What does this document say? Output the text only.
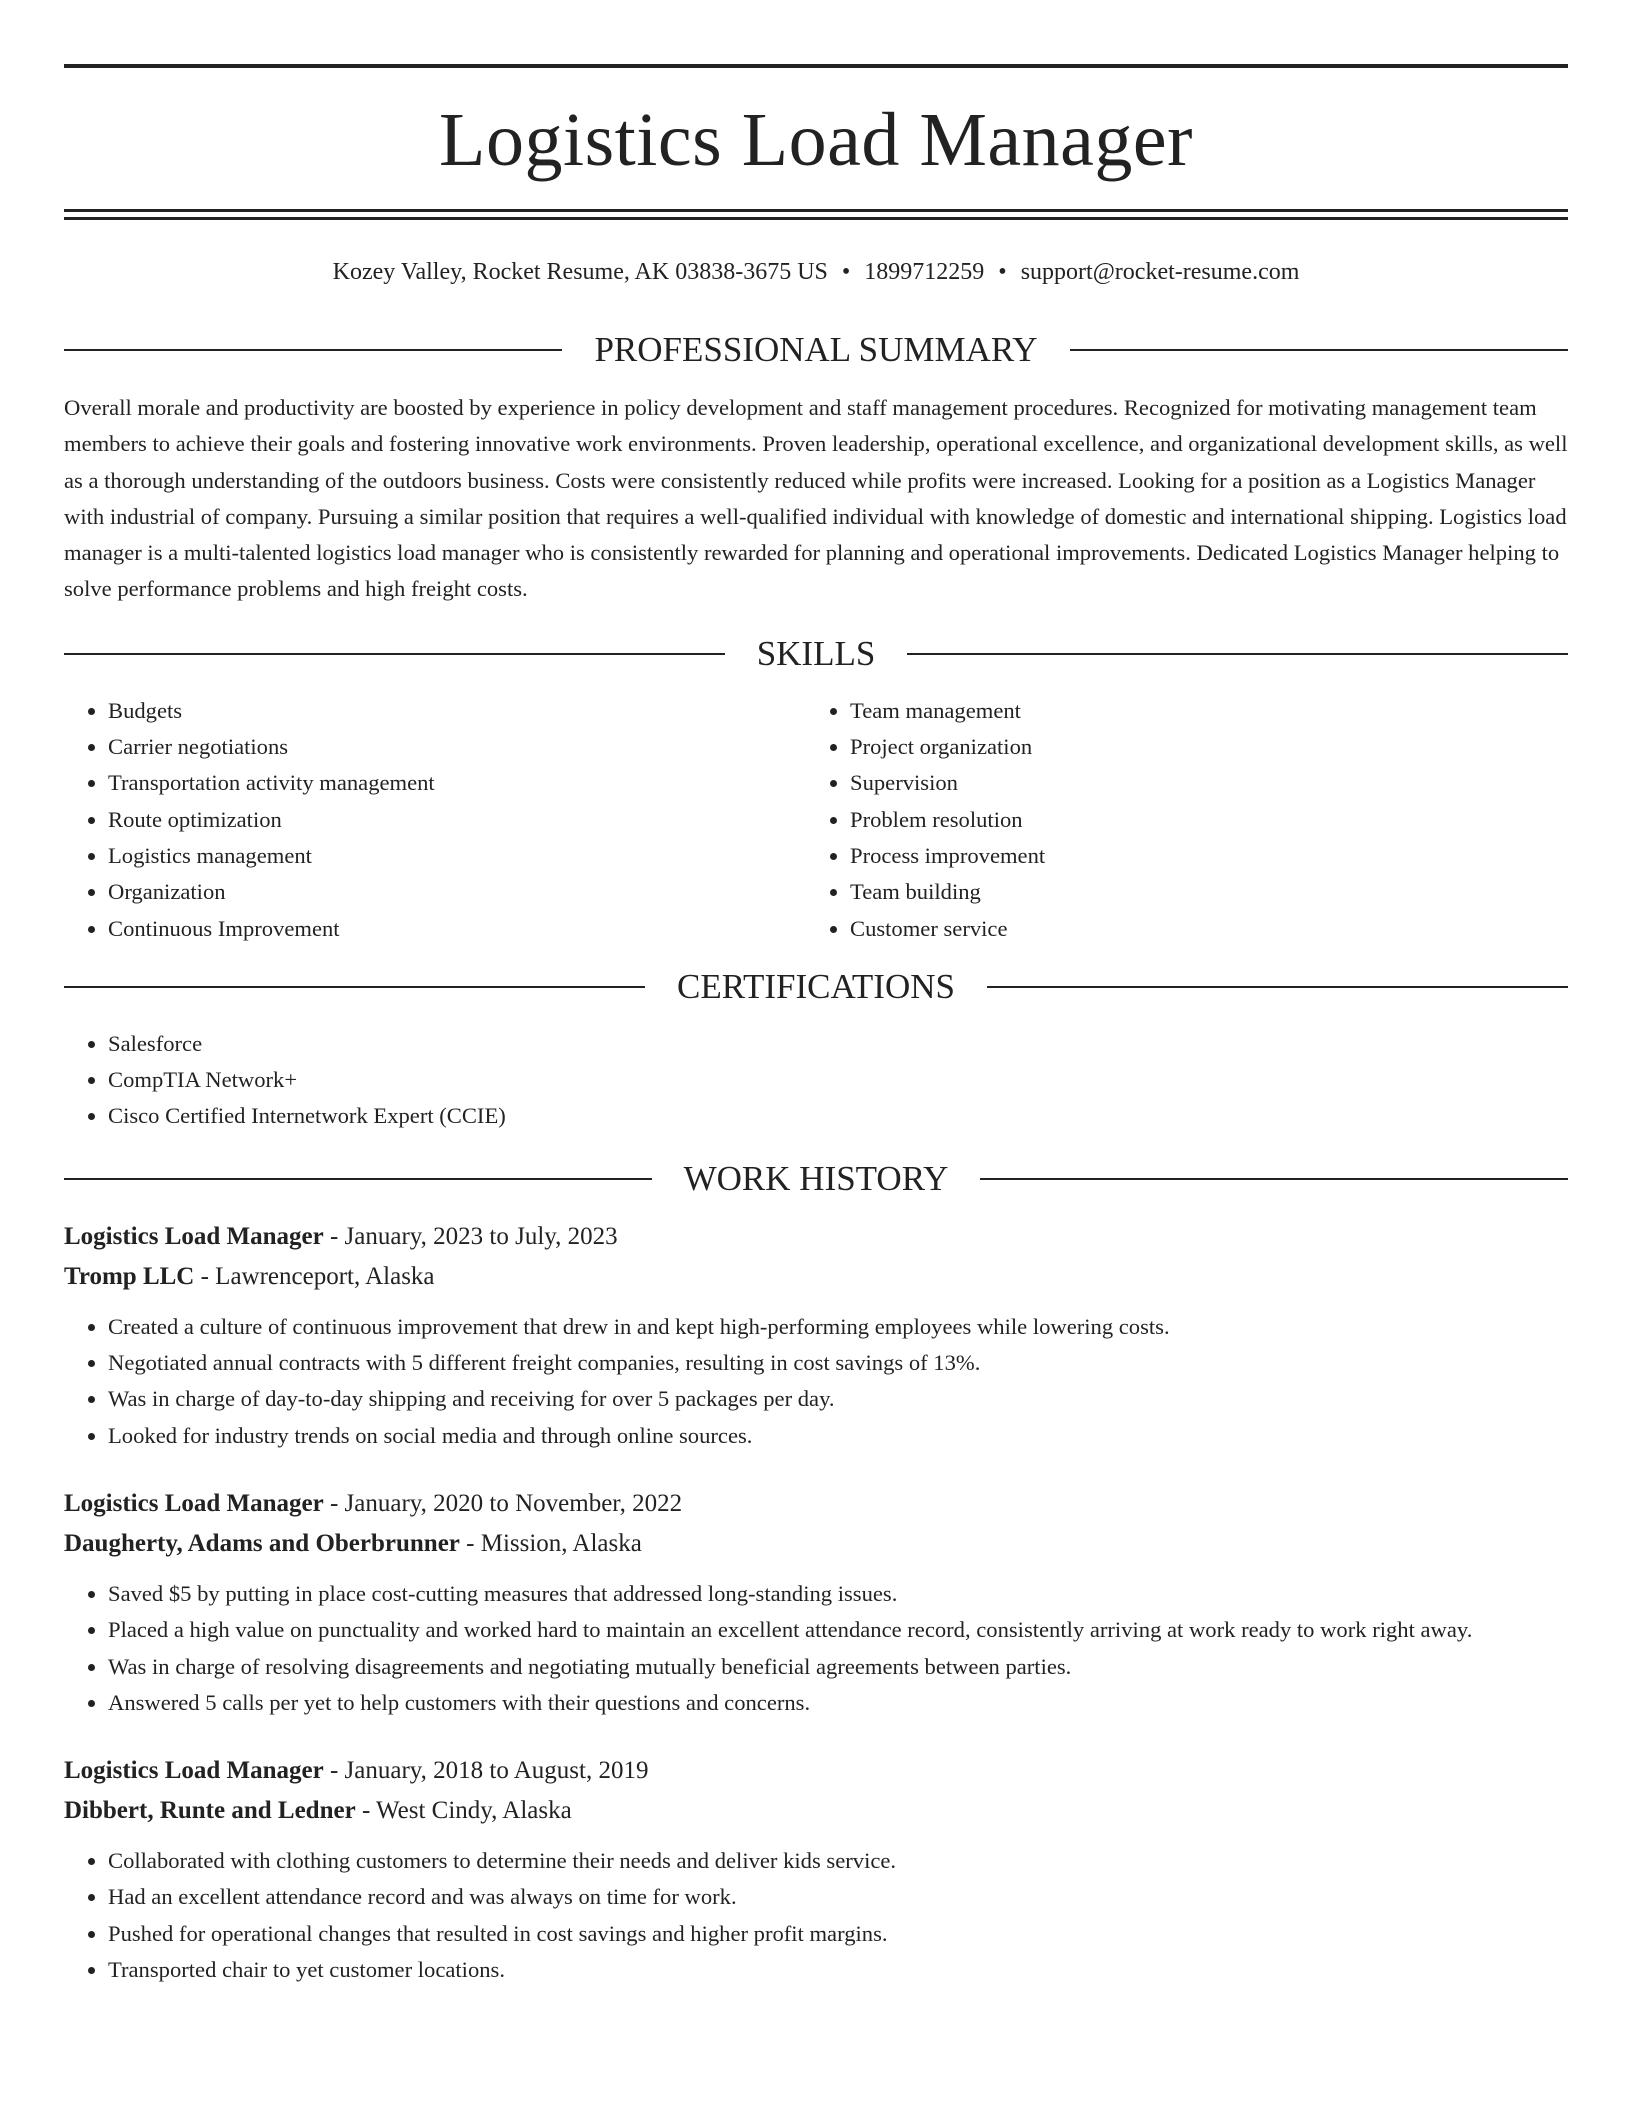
Logistics Load Manager
Kozey Valley, Rocket Resume, AK 03838-3675 US • 1899712259 • support@rocket-resume.com
PROFESSIONAL SUMMARY
Overall morale and productivity are boosted by experience in policy development and staff management procedures. Recognized for motivating management team members to achieve their goals and fostering innovative work environments. Proven leadership, operational excellence, and organizational development skills, as well as a thorough understanding of the outdoors business. Costs were consistently reduced while profits were increased. Looking for a position as a Logistics Manager with industrial of company. Pursuing a similar position that requires a well-qualified individual with knowledge of domestic and international shipping. Logistics load manager is a multi-talented logistics load manager who is consistently rewarded for planning and operational improvements. Dedicated Logistics Manager helping to solve performance problems and high freight costs.
SKILLS
• Budgets
• Carrier negotiations
• Transportation activity management
• Route optimization
• Logistics management
• Organization
• Continuous Improvement
• Team management
• Project organization
• Supervision
• Problem resolution
• Process improvement
• Team building
• Customer service
CERTIFICATIONS
• Salesforce
• CompTIA Network+
• Cisco Certified Internetwork Expert (CCIE)
WORK HISTORY
Logistics Load Manager - January, 2023 to July, 2023
Tromp LLC - Lawrenceport, Alaska
• Created a culture of continuous improvement that drew in and kept high-performing employees while lowering costs.
• Negotiated annual contracts with 5 different freight companies, resulting in cost savings of 13%.
• Was in charge of day-to-day shipping and receiving for over 5 packages per day.
• Looked for industry trends on social media and through online sources.
Logistics Load Manager - January, 2020 to November, 2022
Daugherty, Adams and Oberbrunner - Mission, Alaska
• Saved $5 by putting in place cost-cutting measures that addressed long-standing issues.
• Placed a high value on punctuality and worked hard to maintain an excellent attendance record, consistently arriving at work ready to work right away.
• Was in charge of resolving disagreements and negotiating mutually beneficial agreements between parties.
• Answered 5 calls per yet to help customers with their questions and concerns.
Logistics Load Manager - January, 2018 to August, 2019
Dibbert, Runte and Ledner - West Cindy, Alaska
• Collaborated with clothing customers to determine their needs and deliver kids service.
• Had an excellent attendance record and was always on time for work.
• Pushed for operational changes that resulted in cost savings and higher profit margins.
• Transported chair to yet customer locations.
